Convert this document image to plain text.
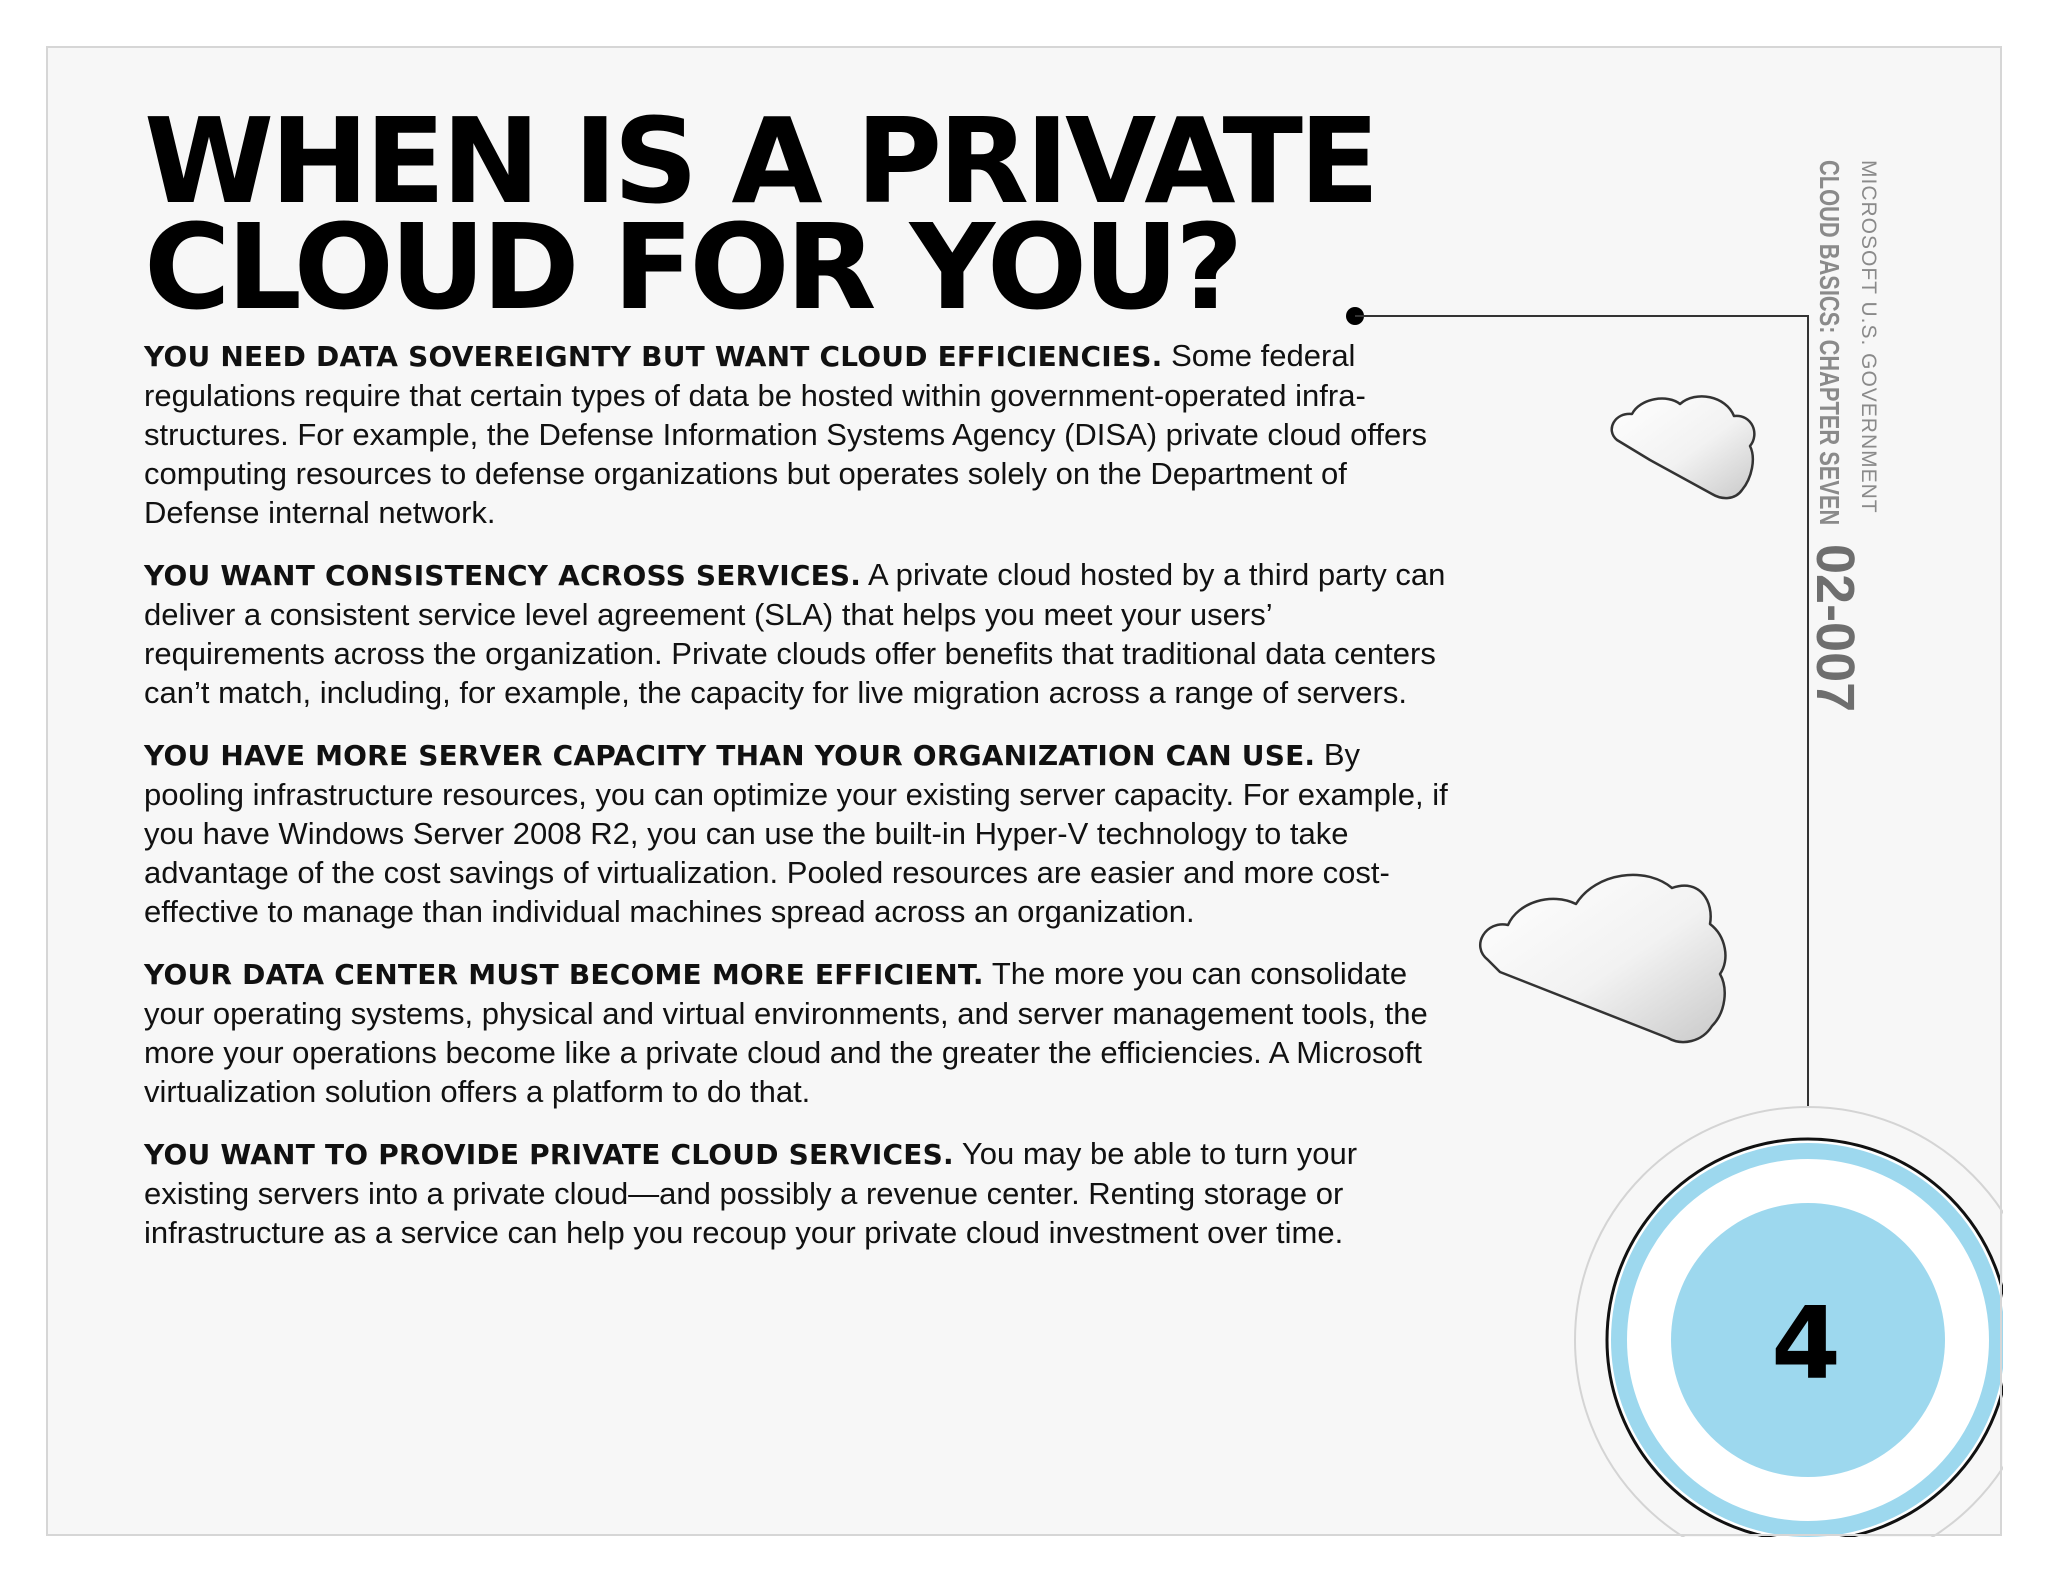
WHEN IS A PRIVATE
CLOUD FOR YOU?

YOU NEED DATA SOVEREIGNTY BUT WANT CLOUD EFFICIENCIES. Some federal regulations require that certain types of data be hosted within government-operated infra-structures. For example, the Defense Information Systems Agency (DISA) private cloud offers computing resources to defense organizations but operates solely on the Department of Defense internal network.

YOU WANT CONSISTENCY ACROSS SERVICES. A private cloud hosted by a third party can deliver a consistent service level agreement (SLA) that helps you meet your users’ requirements across the organization. Private clouds offer benefits that traditional data centers can’t match, including, for example, the capacity for live migration across a range of servers.

YOU HAVE MORE SERVER CAPACITY THAN YOUR ORGANIZATION CAN USE. By pooling infrastructure resources, you can optimize your existing server capacity. For example, if you have Windows Server 2008 R2, you can use the built-in Hyper-V technology to take advantage of the cost savings of virtualization. Pooled resources are easier and more cost-effective to manage than individual machines spread across an organization.

YOUR DATA CENTER MUST BECOME MORE EFFICIENT. The more you can consolidate your operating systems, physical and virtual environments, and server management tools, the more your operations become like a private cloud and the greater the efficiencies. A Microsoft virtualization solution offers a platform to do that.

YOU WANT TO PROVIDE PRIVATE CLOUD SERVICES. You may be able to turn your existing servers into a private cloud—and possibly a revenue center. Renting storage or infrastructure as a service can help you recoup your private cloud investment over time.

MICROSOFT U.S. GOVERNMENT
CLOUD BASICS: CHAPTER SEVEN
02-007
4
